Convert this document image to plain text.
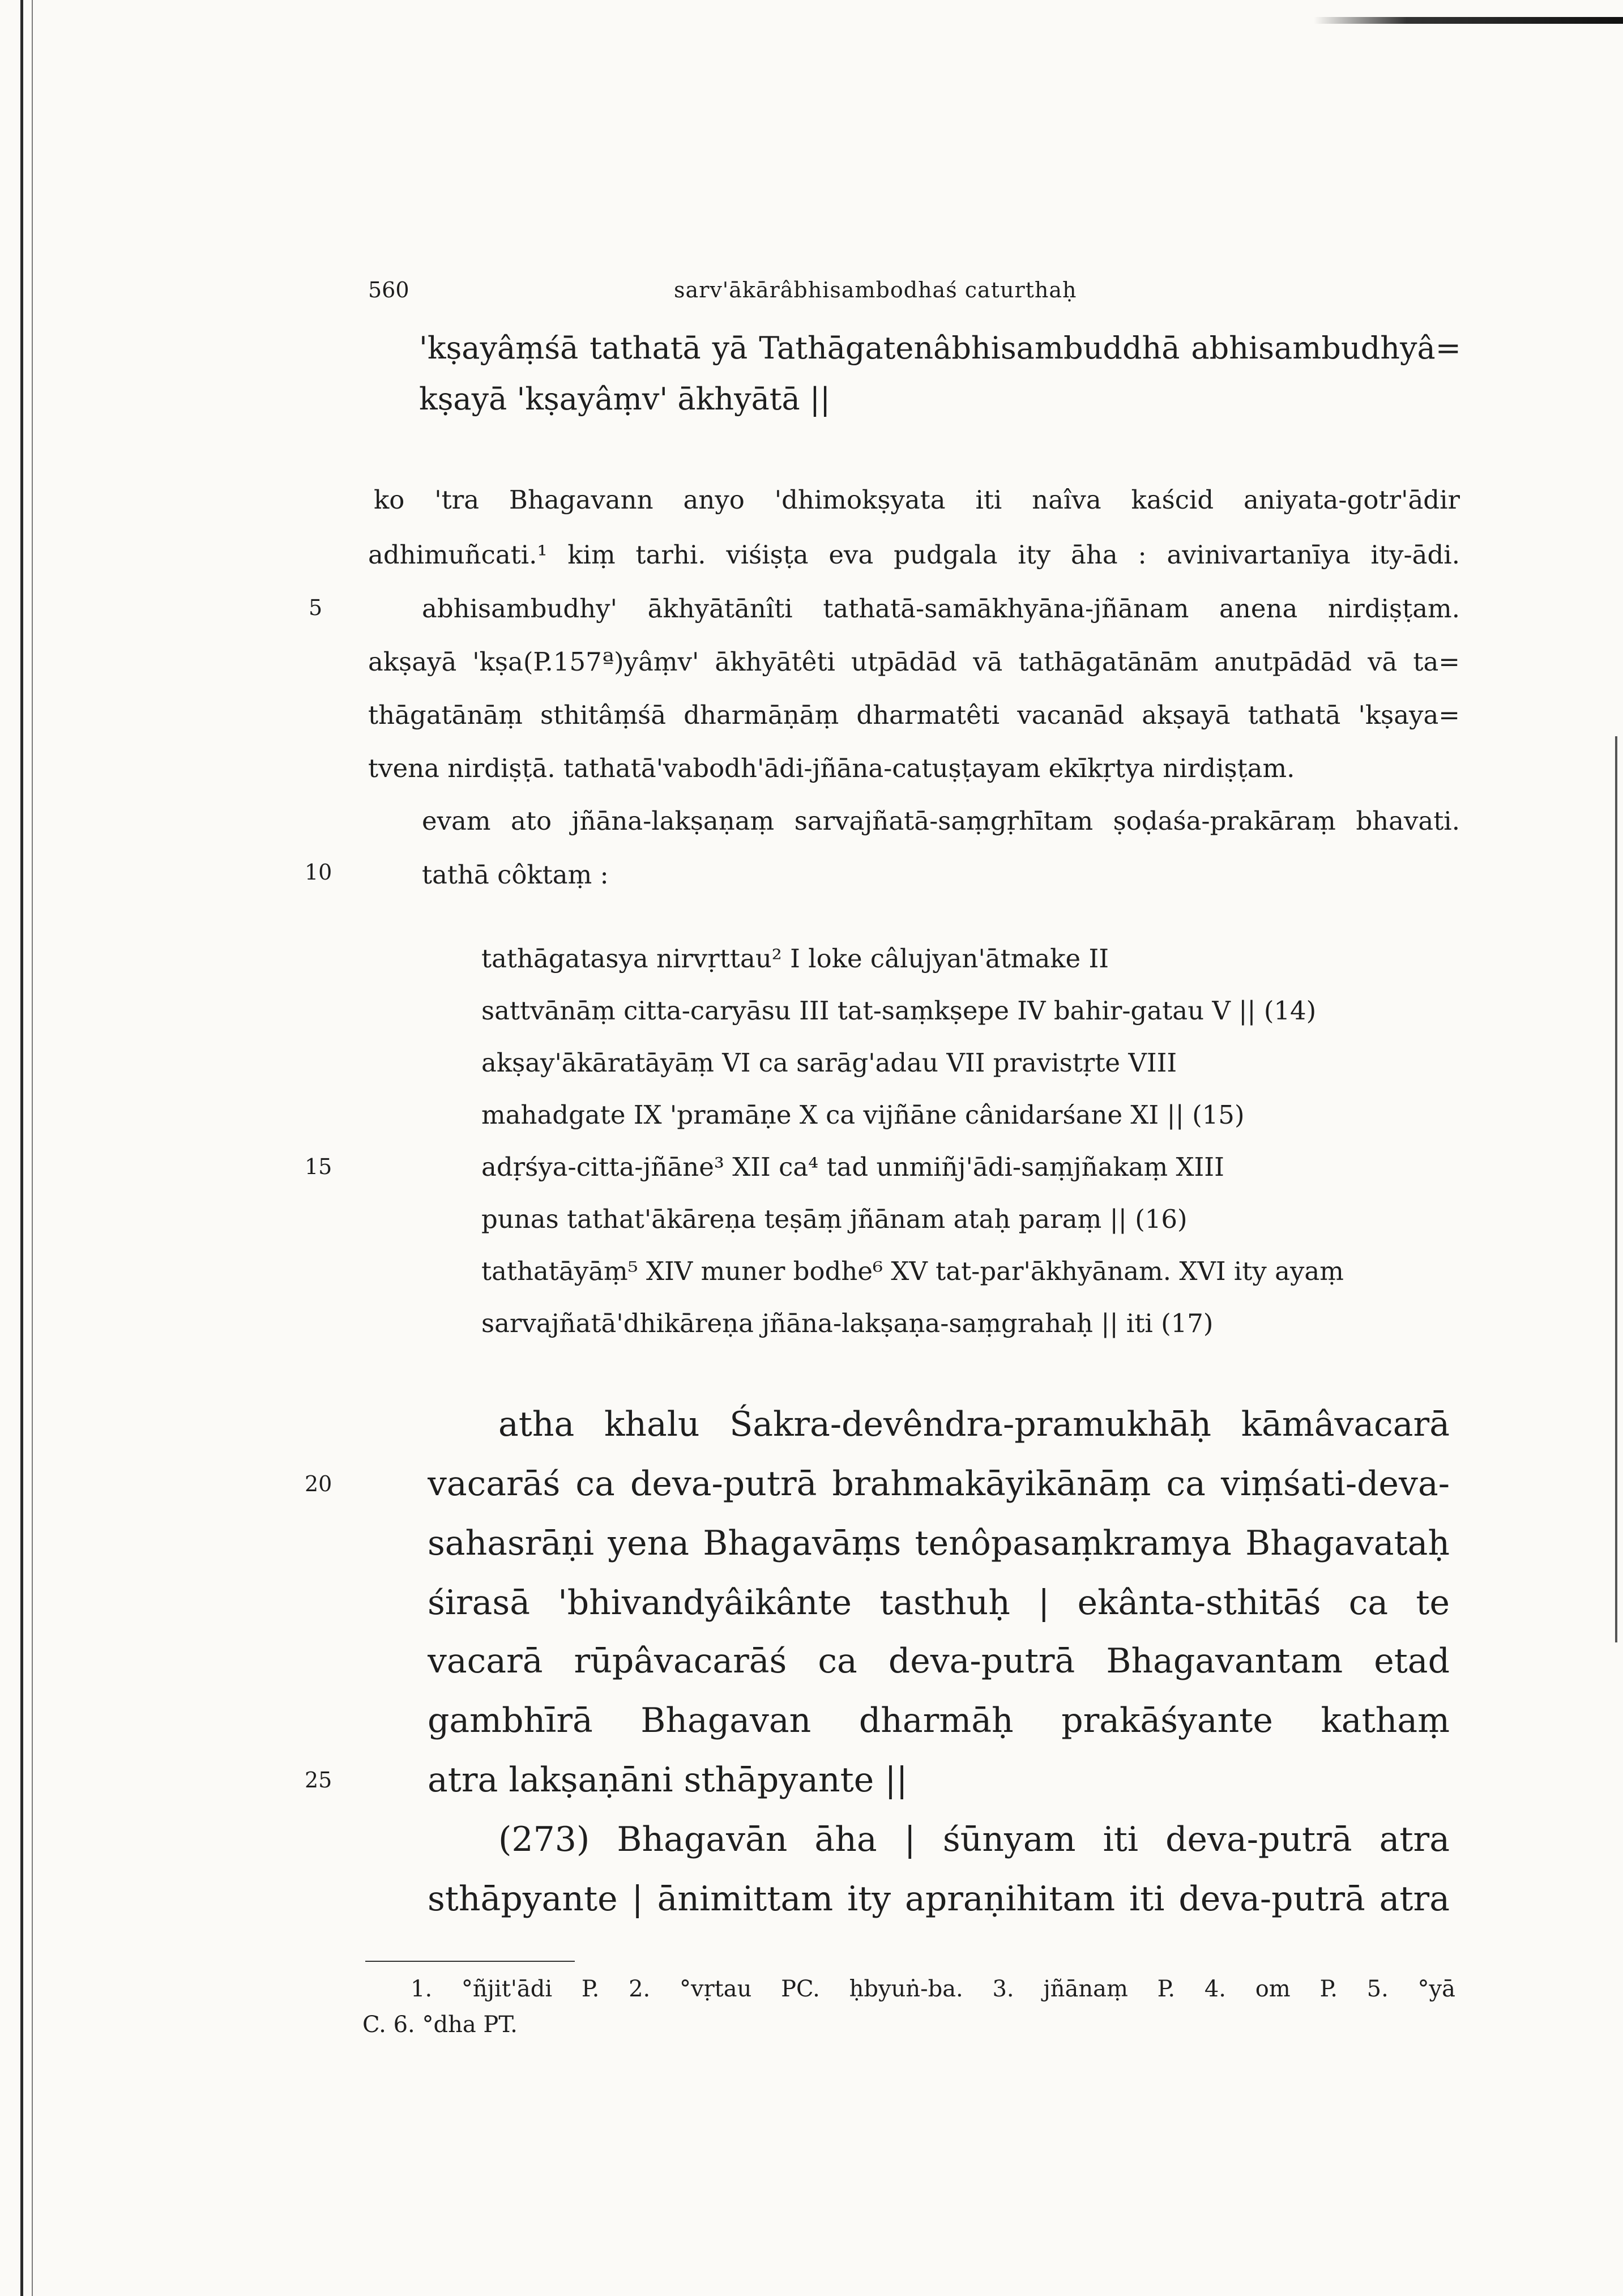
560	sarv'ākārâbhisambodhaś caturthaḥ
'kṣayâṃśā tathatā yā Tathāgatenâbhisambuddhā abhisambudhyâ=
kṣayā 'kṣayâṃv' ākhyātā ||
ko 'tra Bhagavann anyo 'dhimokṣyata iti naîva kaścid aniyata-gotr'ādir
adhimuñcati.¹ kiṃ tarhi. viśiṣṭa eva pudgala ity āha : avinivartanīya ity-ādi.
abhisambudhy' ākhyātānîti tathatā-samākhyāna-jñānam anena nirdiṣṭam.
akṣayā 'kṣa(P.157ª)yâṃv' ākhyātêti utpādād vā tathāgatānām anutpādād vā ta=
thāgatānāṃ sthitâṃśā dharmāṇāṃ dharmatêti vacanād akṣayā tathatā 'kṣaya=
tvena nirdiṣṭā. tathatā'vabodh'ādi-jñāna-catuṣṭayam ekīkṛtya nirdiṣṭam.
evam ato jñāna-lakṣaṇaṃ sarvajñatā-saṃgṛhītam ṣoḍaśa-prakāraṃ bhavati.
tathā côktaṃ :
tathāgatasya nirvṛttau² I loke câlujyan'ātmake II
sattvānāṃ citta-caryāsu III tat-saṃkṣepe IV bahir-gatau V || (14)
akṣay'ākāratāyāṃ VI ca sarāg'adau VII pravistṛte VIII
mahadgate IX 'pramāṇe X ca vijñāne cânidarśane XI || (15)
adṛśya-citta-jñāne³ XII ca⁴ tad unmiñj'ādi-saṃjñakaṃ XIII
punas tathat'ākāreṇa teṣāṃ jñānam ataḥ paraṃ || (16)
tathatāyāṃ⁵ XIV muner bodhe⁶ XV tat-par'ākhyānam. XVI ity ayaṃ
sarvajñatā'dhikāreṇa jñāna-lakṣaṇa-saṃgrahaḥ || iti (17)
atha khalu Śakra-devêndra-pramukhāḥ kāmâvacarā
vacarāś ca deva-putrā brahmakāyikānāṃ ca viṃśati-deva-
sahasrāṇi yena Bhagavāṃs tenôpasaṃkramya Bhagavataḥ
śirasā 'bhivandyâikânte tasthuḥ | ekânta-sthitāś ca te
vacarā rūpâvacarāś ca deva-putrā Bhagavantam etad
gambhīrā Bhagavan dharmāḥ prakāśyante kathaṃ
atra lakṣaṇāni sthāpyante ||
(273) Bhagavān āha | śūnyam iti deva-putrā atra
sthāpyante | ānimittam ity apraṇihitam iti deva-putrā atra
5
10
15
20
25
1. °ñjit'ādi P. 2. °vṛtau PC. ḥbyuṅ-ba. 3. jñānaṃ P. 4. om P. 5. °yā
C. 6. °dha PT.
